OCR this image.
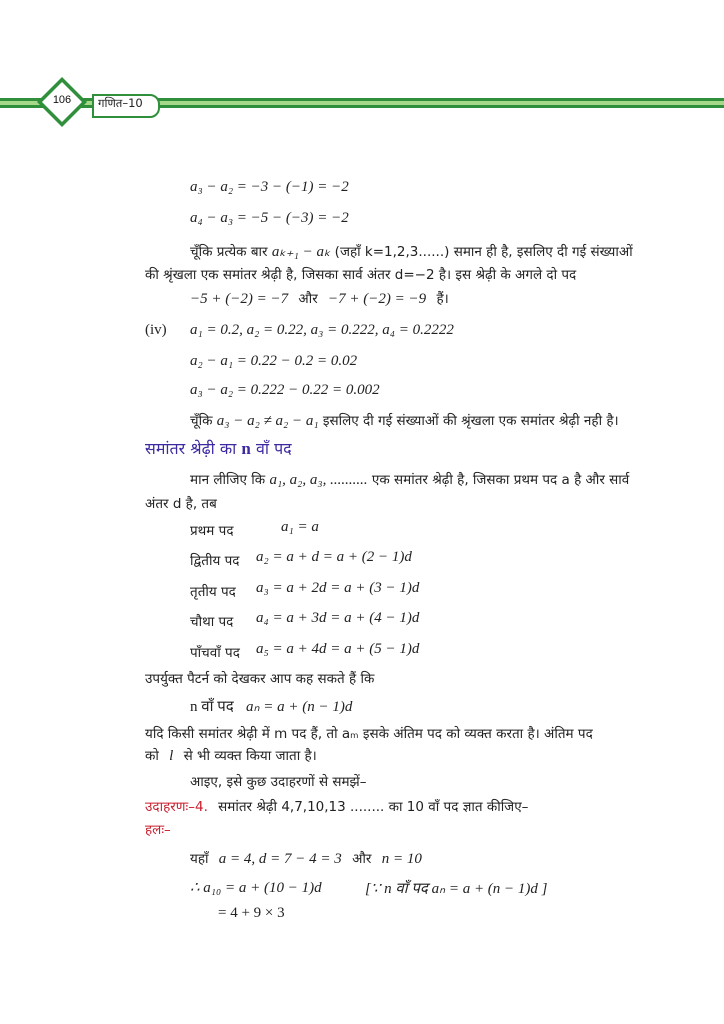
106	गणित–10
a₃ − a₂ = −3 − (−1) = −2
a₄ − a₃ = −5 − (−3) = −2
चूँकि प्रत्येक बार aₖ₊₁ − aₖ (जहाँ k=1,2,3......) समान ही है, इसलिए दी गई संख्याओं
की श्रृंखला एक समांतर श्रेढ़ी है, जिसका सार्व अंतर d=−2 है। इस श्रेढ़ी के अगले दो पद
−5 + (−2) = −7 और −7 + (−2) = −9 हैं।
(iv) a₁ = 0.2, a₂ = 0.22, a₃ = 0.222, a₄ = 0.2222
a₂ − a₁ = 0.22 − 0.2 = 0.02
a₃ − a₂ = 0.222 − 0.22 = 0.002
चूँकि a₃ − a₂ ≠ a₂ − a₁ इसलिए दी गई संख्याओं की श्रृंखला एक समांतर श्रेढ़ी नही है।
समांतर श्रेढ़ी का n वाँ पद
मान लीजिए कि a₁, a₂, a₃, .......... एक समांतर श्रेढ़ी है, जिसका प्रथम पद a है और सार्व
अंतर d है, तब
प्रथम पद	a₁ = a
द्वितीय पद a₂ = a + d = a + (2 − 1)d
तृतीय पद a₃ = a + 2d = a + (3 − 1)d
चौथा पद a₄ = a + 3d = a + (4 − 1)d
पाँचवाँ पद a₅ = a + 4d = a + (5 − 1)d
उपर्युक्त पैटर्न को देखकर आप कह सकते हैं कि
n वाँ पद aₙ = a + (n − 1)d
यदि किसी समांतर श्रेढ़ी में m पद हैं, तो aₘ इसके अंतिम पद को व्यक्त करता है। अंतिम पद
को l से भी व्यक्त किया जाता है।
आइए, इसे कुछ उदाहरणों से समझें–
उदाहरणः–4. समांतर श्रेढ़ी 4,7,10,13 ........ का 10 वाँ पद ज्ञात कीजिए–
हलः–
यहाँ a = 4, d = 7 − 4 = 3 और n = 10
∴ a₁₀ = a + (10 − 1)d	[∵ n वाँ पद aₙ = a + (n − 1)d ]
= 4 + 9 × 3
